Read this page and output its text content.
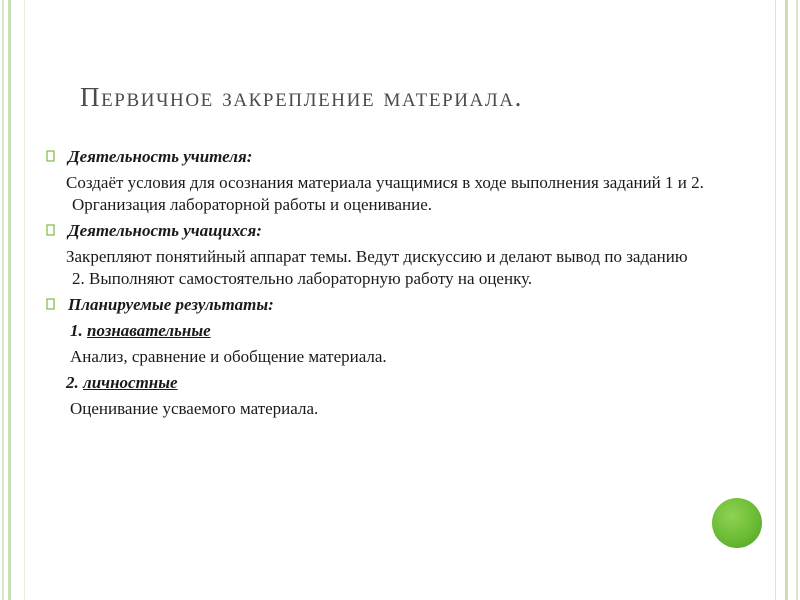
Первичное закрепление материала.
Деятельность учителя:
Создаёт условия для осознания материала учащимися в ходе выполнения заданий 1 и 2. Организация лабораторной работы и оценивание.
Деятельность учащихся:
Закрепляют понятийный аппарат темы. Ведут дискуссию и делают вывод по заданию 2. Выполняют самостоятельно лабораторную работу на оценку.
Планируемые результаты:
1. познавательные
Анализ, сравнение и обобщение материала.
2. личностные
Оценивание усваемого материала.
